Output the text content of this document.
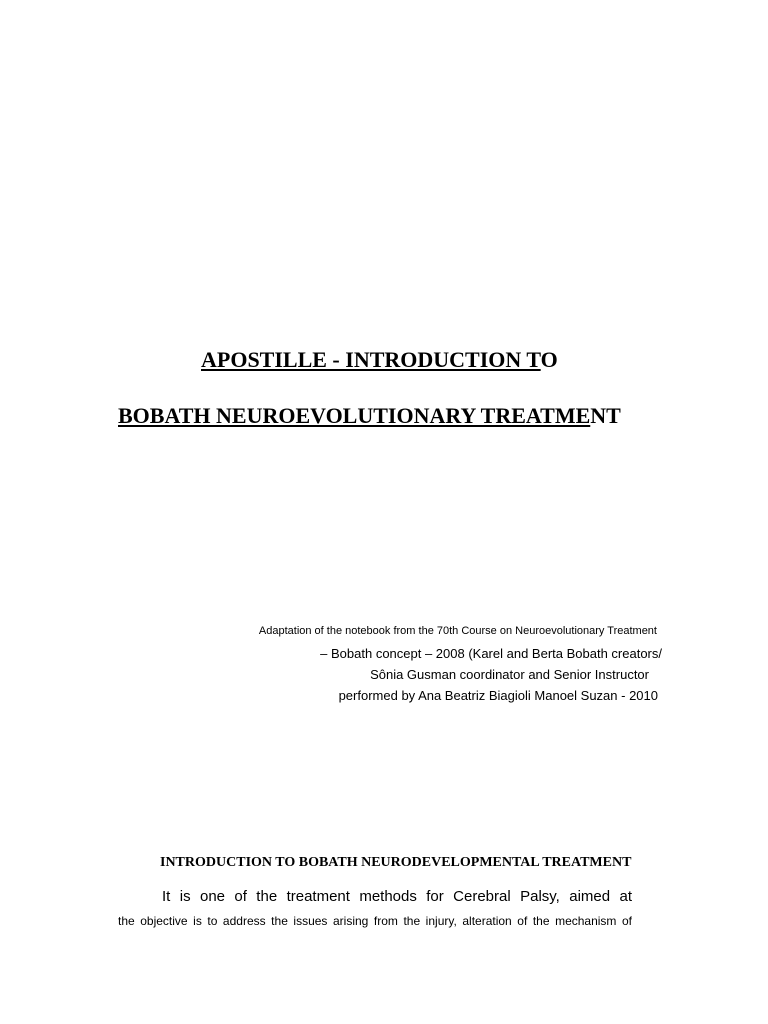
APOSTILLE - INTRODUCTION TO
BOBATH NEUROEVOLUTIONARY TREATMENT

Adaptation of the notebook from the 70th Course on Neuroevolutionary Treatment

– Bobath concept – 2008 (Karel and Berta Bobath creators/

Sônia Gusman coordinator and Senior Instructor

performed by Ana Beatriz Biagioli Manoel Suzan - 2010

INTRODUCTION TO BOBATH NEURODEVELOPMENTAL TREATMENT

It is one of the treatment methods for Cerebral Palsy, aimed at

the objective is to address the issues arising from the injury, alteration of the mechanism of
